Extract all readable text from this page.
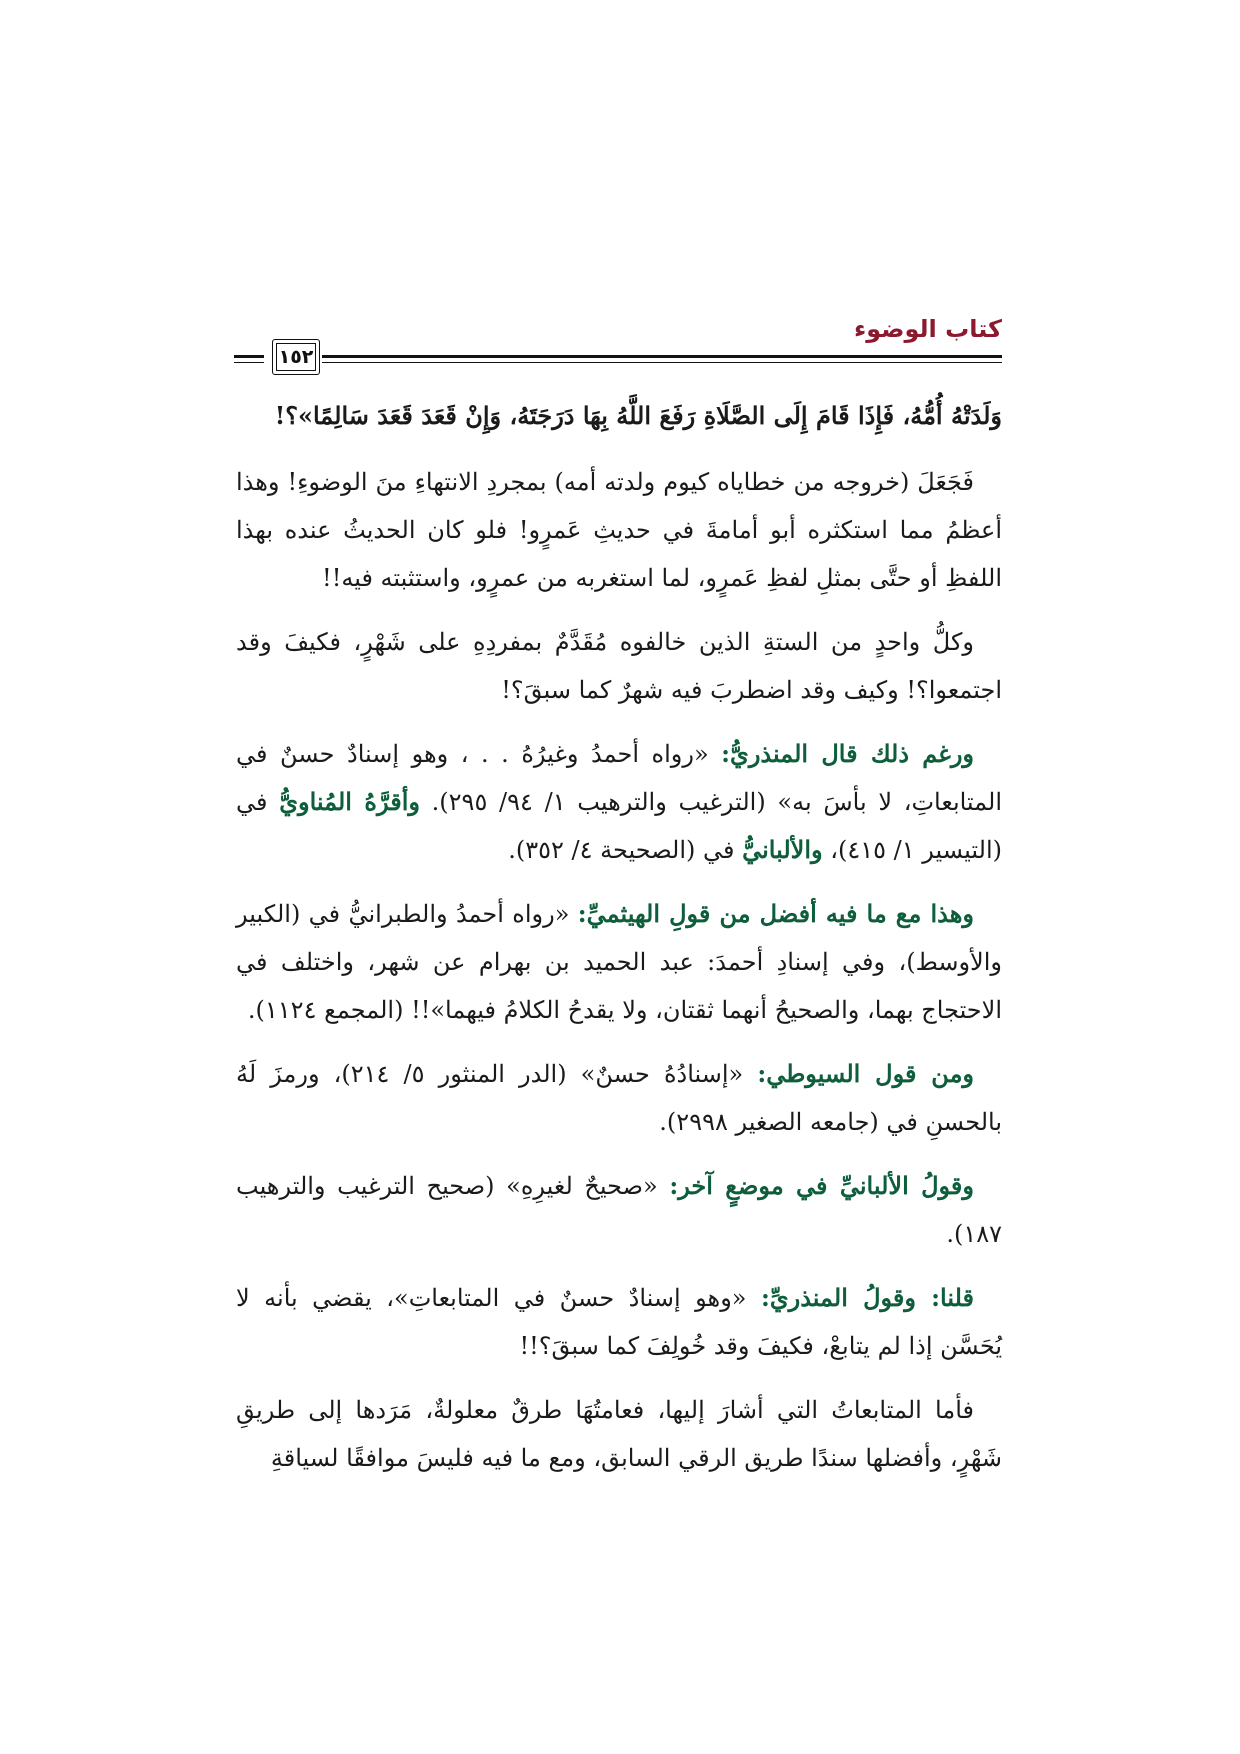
كتاب الوضوء
١٥٢

وَلَدَتْهُ أُمُّهُ، فَإِذَا قَامَ إِلَى الصَّلَاةِ رَفَعَ اللَّهُ بِهَا دَرَجَتَهُ، وَإِنْ قَعَدَ قَعَدَ سَالِمًا»؟!

فَجَعَلَ (خروجه من خطاياه كيوم ولدته أمه) بمجردِ الانتهاءِ منَ الوضوءِ! وهذا أعظمُ مما استكثره أبو أمامةَ في حديثِ عَمرٍو! فلو كان الحديثُ عنده بهذا اللفظِ أو حتَّى بمثلِ لفظِ عَمرٍو، لما استغربه من عمرٍو، واستثبته فيه!!

وكلُّ واحدٍ من الستةِ الذين خالفوه مُقَدَّمٌ بمفردِهِ على شَهْرٍ، فكيفَ وقد اجتمعوا؟! وكيف وقد اضطربَ فيه شهرٌ كما سبقَ؟!

ورغم ذلك قال المنذريُّ: «رواه أحمدُ وغيرُهُ . . ، وهو إسنادٌ حسنٌ في المتابعاتِ، لا بأسَ به» (الترغيب والترهيب ١/ ٩٤/ ٢٩٥). وأقرَّهُ المُناويُّ في (التيسير ١/ ٤١٥)، والألبانيُّ في (الصحيحة ٤/ ٣٥٢).

وهذا مع ما فيه أفضل من قولِ الهيثميِّ: «رواه أحمدُ والطبرانيُّ في (الكبير والأوسط)، وفي إسنادِ أحمدَ: عبد الحميد بن بهرام عن شهر، واختلف في الاحتجاج بهما، والصحيحُ أنهما ثقتان، ولا يقدحُ الكلامُ فيهما»!! (المجمع ١١٢٤).

ومن قول السيوطي: «إسنادُهُ حسنٌ» (الدر المنثور ٥/ ٢١٤)، ورمزَ لَهُ بالحسنِ في (جامعه الصغير ٢٩٩٨).

وقولُ الألبانيِّ في موضعٍ آخر: «صحيحٌ لغيرِهِ» (صحيح الترغيب والترهيب ١٨٧).

قلنا: وقولُ المنذريِّ: «وهو إسنادٌ حسنٌ في المتابعاتِ»، يقضي بأنه لا يُحَسَّن إذا لم يتابعْ، فكيفَ وقد خُولِفَ كما سبقَ؟!!

فأما المتابعاتُ التي أشارَ إليها، فعامتُهَا طرقٌ معلولةٌ، مَرَدها إلى طريقِ شَهْرٍ، وأفضلها سندًا طريق الرقي السابق، ومع ما فيه فليسَ موافقًا لسياقةِ
